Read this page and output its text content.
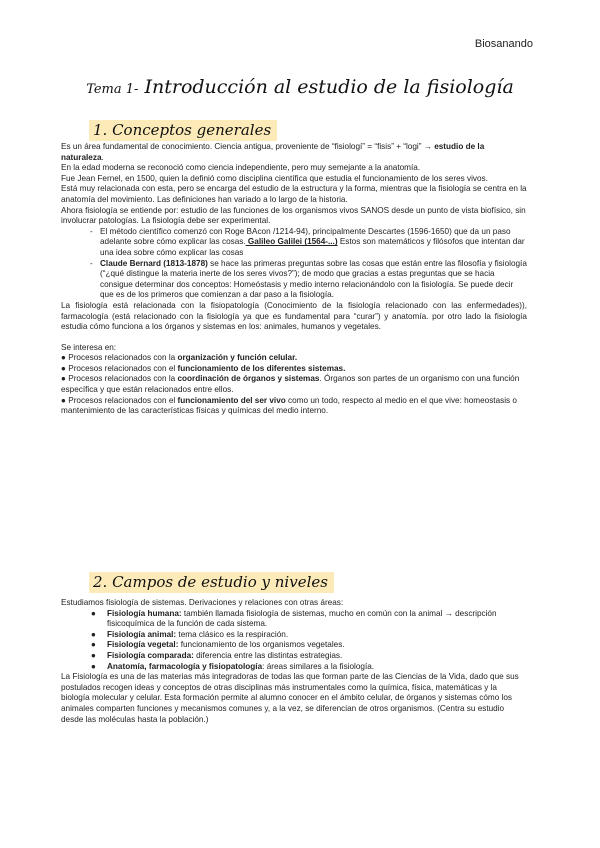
Biosanando
Tema 1- Introducción al estudio de la fisiología
1. Conceptos generales

Es un área fundamental de conocimiento. Ciencia antigua, proveniente de “fisiologí” = “fisis” + “logi” → estudio de la naturaleza.

En la edad moderna se reconoció como ciencia independiente, pero muy semejante a la anatomía.

Fue Jean Fernel, en 1500, quien la definió como disciplina científica que estudia el funcionamiento de los seres vivos.

Está muy relacionada con esta, pero se encarga del estudio de la estructura y la forma, mientras que la fisiología se centra en la anatomía del movimiento. Las definiciones han variado a lo largo de la historia.

Ahora fisiología se entiende por: estudio de las funciones de los organismos vivos SANOS desde un punto de vista biofísico, sin involucrar patologías. La fisiología debe ser experimental.

- El método científico comenzó con Roge BAcon /1214-94), principalmente Descartes (1596-1650) que da un paso adelante sobre cómo explicar las cosas. Galileo Galilei (1564-...) Estos son matemáticos y filósofos que intentan dar una idea sobre cómo explicar las cosas
- Claude Bernard (1813-1878) se hace las primeras preguntas sobre las cosas que están entre las filosofía y fisiología (“¿qué distingue la materia inerte de los seres vivos?”); de modo que gracias a estas preguntas que se hacia consigue determinar dos conceptos: Homeóstasis y medio interno relacionándolo con la fisiología. Se puede decir que es de los primeros que comienzan a dar paso a la fisiología.

La fisiología está relacionada con la fisiopatología (Conocimiento de la fisiología relacionado con las enfermedades)), farmacología (está relacionado con la fisiología ya que es fundamental para “curar”) y anatomía. por otro lado la fisiología estudia cómo funciona a los órganos y sistemas en los: animales, humanos y vegetales.

Se interesa en:

● Procesos relacionados con la organización y función celular.

● Procesos relacionados con el funcionamiento de los diferentes sistemas.

● Procesos relacionados con la coordinación de órganos y sistemas. Órganos son partes de un organismo con una función específica y que están relacionados entre ellos.

● Procesos relacionados con el funcionamiento del ser vivo como un todo, respecto al medio en el que vive: homeostasis o mantenimiento de las características físicas y químicas del medio interno.

2. Campos de estudio y niveles

Estudiamos fisiología de sistemas. Derivaciones y relaciones con otras áreas:

● Fisiología humana: también llamada fisiología de sistemas, mucho en común con la animal → descripción fisicoquímica de la función de cada sistema.
● Fisiología animal: tema clásico es la respiración.
● Fisiología vegetal: funcionamiento de los organismos vegetales.
● Fisiología comparada: diferencia entre las distintas estrategias.
● Anatomía, farmacología y fisiopatología: áreas similares a la fisiología.

La Fisiología es una de las materias más integradoras de todas las que forman parte de las Ciencias de la Vida, dado que sus postulados recogen ideas y conceptos de otras disciplinas más instrumentales como la química, física, matemáticas y la biología molecular y celular. Esta formación permite al alumno conocer en el ámbito celular, de órganos y sistemas cómo los animales comparten funciones y mecanismos comunes y, a la vez, se diferencian de otros organismos. (Centra su estudio desde las moléculas hasta la población.)
